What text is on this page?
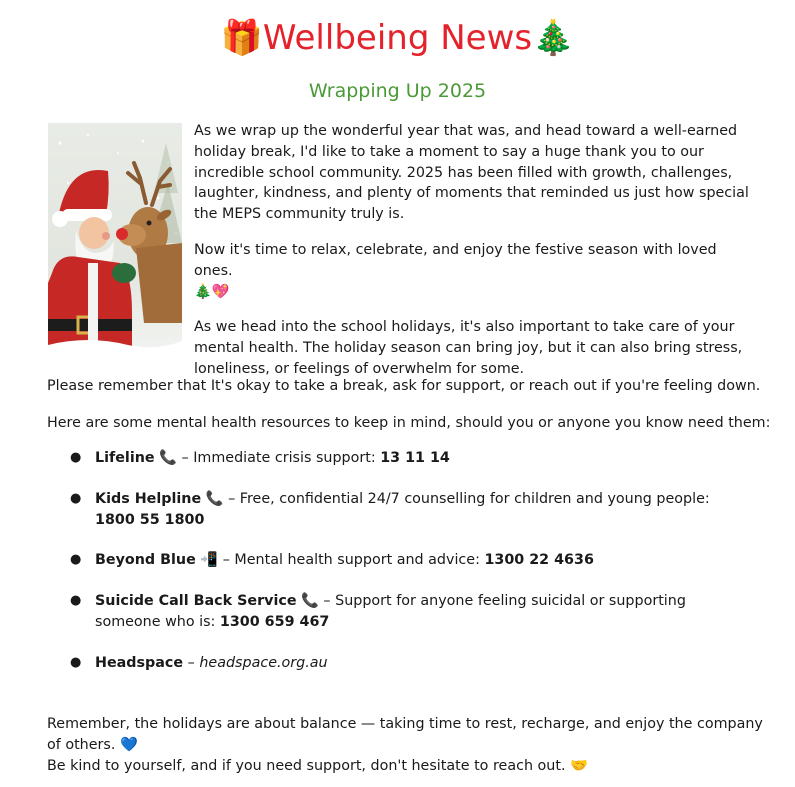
🎁Wellbeing News🎄
Wrapping Up 2025

As we wrap up the wonderful year that was, and head toward a well-earned holiday break, I'd like to take a moment to say a huge thank you to our incredible school community. 2025 has been filled with growth, challenges, laughter, kindness, and plenty of moments that reminded us just how special the MEPS community truly is.

Now it's time to relax, celebrate, and enjoy the festive season with loved ones.
🎄💖

As we head into the school holidays, it's also important to take care of your mental health. The holiday season can bring joy, but it can also bring stress, loneliness, or feelings of overwhelm for some.

Please remember that It's okay to take a break, ask for support, or reach out if you're feeling down.

Here are some mental health resources to keep in mind, should you or anyone you know need them:

● Lifeline 📞 – Immediate crisis support: 13 11 14
● Kids Helpline 📞 – Free, confidential 24/7 counselling for children and young people: 1800 55 1800
● Beyond Blue 📲 – Mental health support and advice: 1300 22 4636
● Suicide Call Back Service 📞 – Support for anyone feeling suicidal or supporting someone who is: 1300 659 467
● Headspace – headspace.org.au
Remember, the holidays are about balance — taking time to rest, recharge, and enjoy the company of others. 💙
Be kind to yourself, and if you need support, don't hesitate to reach out. 🤝
